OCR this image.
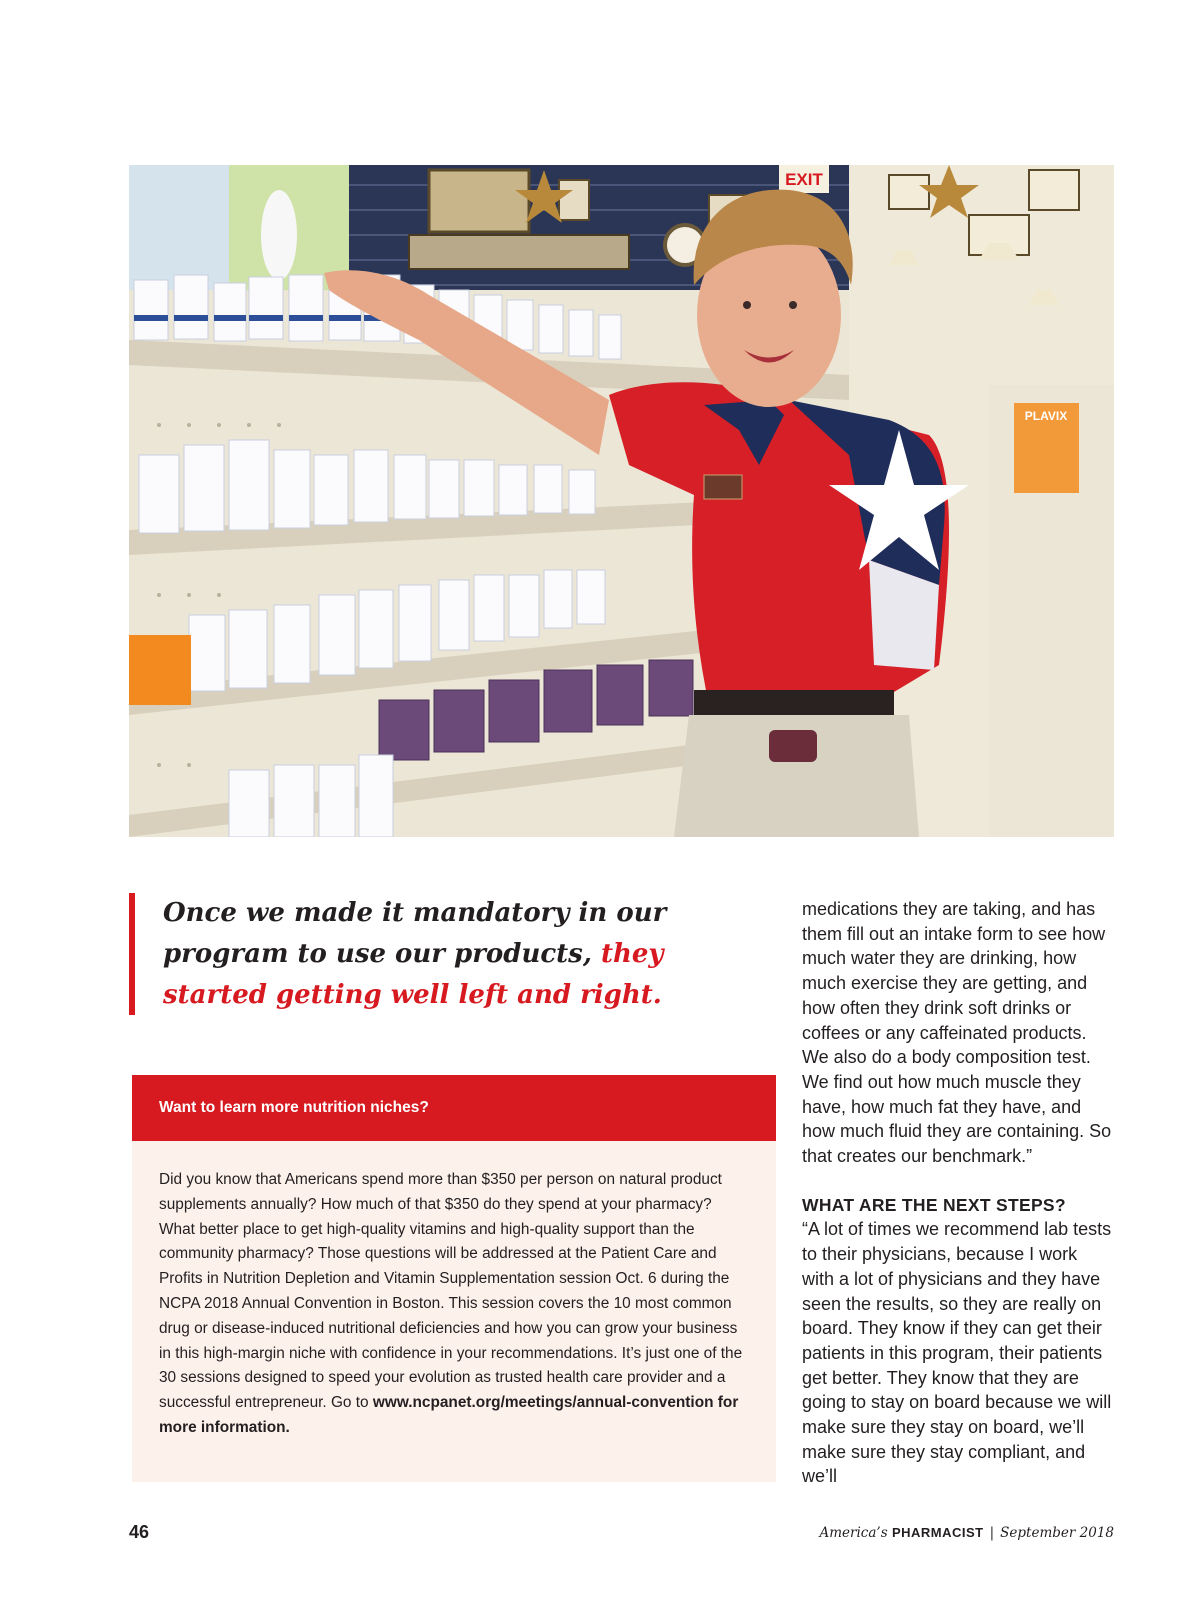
EXIT
PLAVIX

Once we made it mandatory in our program to use our products, they started getting well left and right.

Want to learn more nutrition niches?
Did you know that Americans spend more than $350 per person on natural product supplements annually? How much of that $350 do they spend at your pharmacy? What better place to get high-quality vitamins and high-quality support than the community pharmacy? Those questions will be addressed at the Patient Care and Profits in Nutrition Depletion and Vitamin Supplementation session Oct. 6 during the NCPA 2018 Annual Convention in Boston. This session covers the 10 most common drug or disease-induced nutritional deficiencies and how you can grow your business in this high-margin niche with confidence in your recommendations. It’s just one of the 30 sessions designed to speed your evolution as trusted health care provider and a successful entrepreneur. Go to www.ncpanet.org/meetings/annual-convention for more information.
medications they are taking, and has them fill out an intake form to see how much water they are drinking, how much exercise they are getting, and how often they drink soft drinks or coffees or any caffeinated products. We also do a body composition test. We find out how much muscle they have, how much fat they have, and how much fluid they are containing. So that creates our benchmark.”
WHAT ARE THE NEXT STEPS?
“A lot of times we recommend lab tests to their physicians, because I work with a lot of physicians and they have seen the results, so they are really on board. They know if they can get their patients in this program, their patients get better. They know that they are going to stay on board because we will make sure they stay on board, we’ll make sure they stay compliant, and we’ll
46	America’s PHARMACIST | September 2018
